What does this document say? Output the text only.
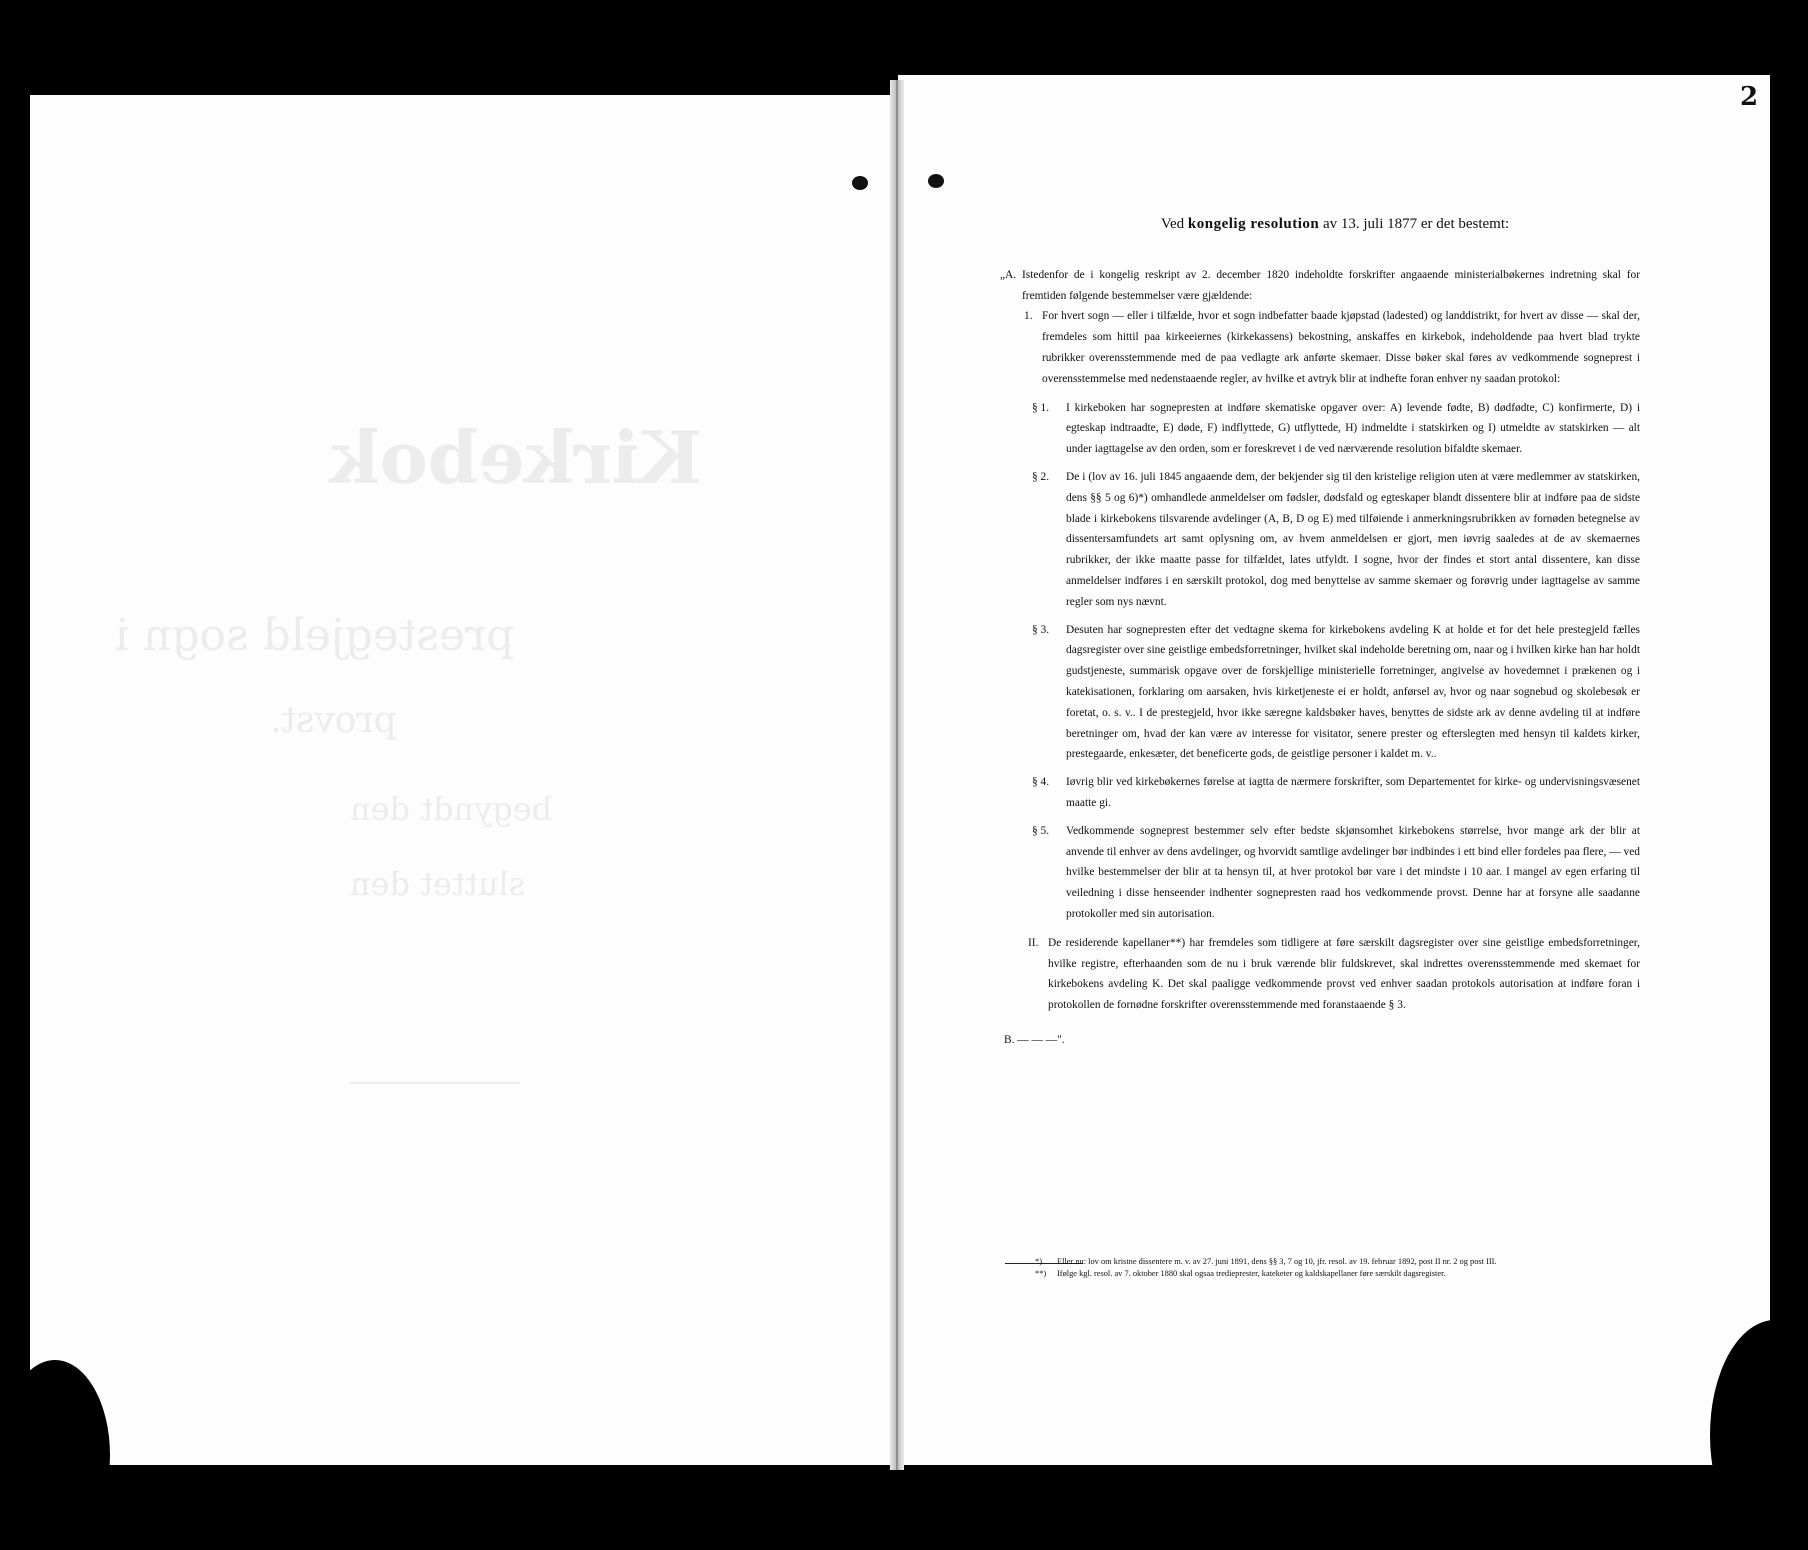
Kirkebok
prestegjeld sogn i
provst.
begyndt den
sluttet den
2
Ved kongelig resolution av 13. juli 1877 er det bestemt:
„A. Istedenfor de i kongelig reskript av 2. december 1820 indeholdte forskrifter angaaende ministerialbøkernes indretning skal for fremtiden følgende bestemmelser være gjældende:
1. For hvert sogn — eller i tilfælde, hvor et sogn indbefatter baade kjøpstad (ladested) og landdistrikt, for hvert av disse — skal der, fremdeles som hittil paa kirkeeiernes (kirkekassens) bekostning, anskaffes en kirkebok, indeholdende paa hvert blad trykte rubrikker overensstemmende med de paa vedlagte ark anførte skemaer. Disse bøker skal føres av vedkommende sogneprest i overensstemmelse med nedenstaaende regler, av hvilke et avtryk blir at indhefte foran enhver ny saadan protokol:
§ 1.	I kirkeboken har sognepresten at indføre skematiske opgaver over: A) levende fødte, B) dødfødte, C) konfirmerte, D) i egteskap indtraadte, E) døde, F) indflyttede, G) utflyttede, H) indmeldte i statskirken og I) utmeldte av statskirken — alt under iagttagelse av den orden, som er foreskrevet i de ved nærværende resolution bifaldte skemaer.
§ 2.	De i (lov av 16. juli 1845 angaaende dem, der bekjender sig til den kristelige religion uten at være medlemmer av statskirken, dens §§ 5 og 6)*) omhandlede anmeldelser om fødsler, dødsfald og egteskaper blandt dissentere blir at indføre paa de sidste blade i kirkebokens tilsvarende avdelinger (A, B, D og E) med tilføiende i anmerkningsrubrikken av fornøden betegnelse av dissentersamfundets art samt oplysning om, av hvem anmeldelsen er gjort, men iøvrig saaledes at de av skemaernes rubrikker, der ikke maatte passe for tilfældet, lates utfyldt. I sogne, hvor der findes et stort antal dissentere, kan disse anmeldelser indføres i en særskilt protokol, dog med benyttelse av samme skemaer og forøvrig under iagttagelse av samme regler som nys nævnt.
§ 3.	Desuten har sognepresten efter det vedtagne skema for kirkebokens avdeling K at holde et for det hele prestegjeld fælles dagsregister over sine geistlige embedsforretninger, hvilket skal indeholde beretning om, naar og i hvilken kirke han har holdt gudstjeneste, summarisk opgave over de forskjellige ministerielle forretninger, angivelse av hovedemnet i prækenen og i katekisationen, forklaring om aarsaken, hvis kirketjeneste ei er holdt, anførsel av, hvor og naar sognebud og skolebesøk er foretat, o. s. v.. I de prestegjeld, hvor ikke særegne kaldsbøker haves, benyttes de sidste ark av denne avdeling til at indføre beretninger om, hvad der kan være av interesse for visitator, senere prester og efterslegten med hensyn til kaldets kirker, prestegaarde, enkesæter, det beneficerte gods, de geistlige personer i kaldet m. v..
§ 4.	Iøvrig blir ved kirkebøkernes førelse at iagtta de nærmere forskrifter, som Departementet for kirke- og undervisningsvæsenet maatte gi.
§ 5.	Vedkommende sogneprest bestemmer selv efter bedste skjønsomhet kirkebokens størrelse, hvor mange ark der blir at anvende til enhver av dens avdelinger, og hvorvidt samtlige avdelinger bør indbindes i ett bind eller fordeles paa flere, — ved hvilke bestemmelser der blir at ta hensyn til, at hver protokol bør vare i det mindste i 10 aar. I mangel av egen erfaring til veiledning i disse henseender indhenter sognepresten raad hos vedkommende provst. Denne har at forsyne alle saadanne protokoller med sin autorisation.
II. De residerende kapellaner**) har fremdeles som tidligere at føre særskilt dagsregister over sine geistlige embedsforretninger, hvilke registre, efterhaanden som de nu i bruk værende blir fuldskrevet, skal indrettes overensstemmende med skemaet for kirkebokens avdeling K. Det skal paaligge vedkommende provst ved enhver saadan protokols autorisation at indføre foran i protokollen de fornødne forskrifter overensstemmende med foranstaaende § 3.
B. — — —".
*)	Eller nu: lov om kristne dissentere m. v. av 27. juni 1891, dens §§ 3, 7 og 10, jfr. resol. av 19. februar 1892, post II nr. 2 og post III.
**)	Ifølge kgl. resol. av 7. oktober 1880 skal ogsaa tredieprester, kateketer og kaldskapellaner føre særskilt dagsregister.
